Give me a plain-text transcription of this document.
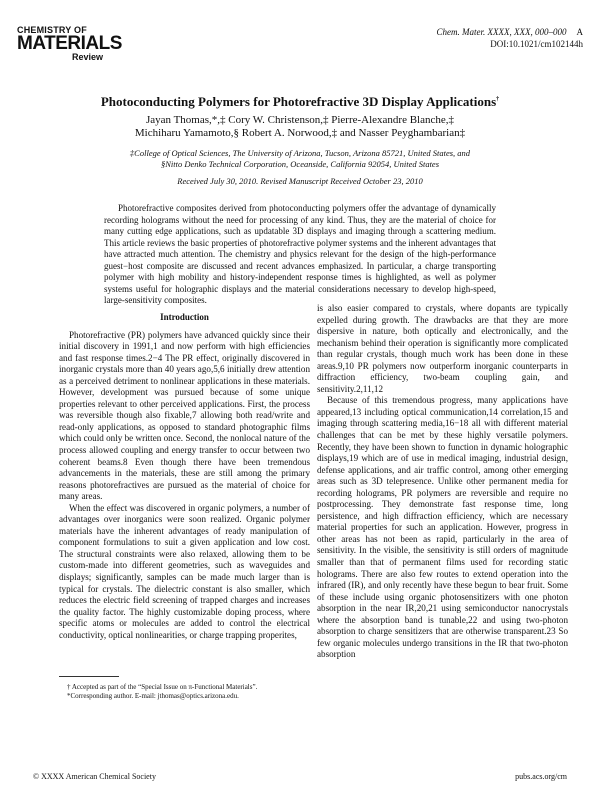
CHEMISTRY OF
MATERIALS
Review
Chem. Mater. XXXX, XXX, 000–000 A
DOI:10.1021/cm102144h
Photoconducting Polymers for Photorefractive 3D Display Applications†
Jayan Thomas,*,‡ Cory W. Christenson,‡ Pierre-Alexandre Blanche,‡
Michiharu Yamamoto,§ Robert A. Norwood,‡ and Nasser Peyghambarian‡
‡College of Optical Sciences, The University of Arizona, Tucson, Arizona 85721, United States, and
§Nitto Denko Technical Corporation, Oceanside, California 92054, United States
Received July 30, 2010. Revised Manuscript Received October 23, 2010
Photorefractive composites derived from photoconducting polymers offer the advantage of dynamically recording holograms without the need for processing of any kind. Thus, they are the material of choice for many cutting edge applications, such as updatable 3D displays and imaging through a scattering medium. This article reviews the basic properties of photorefractive polymer systems and the inherent advantages that have attracted much attention. The chemistry and physics relevant for the design of the high-performance guest−host composite are discussed and recent advances emphasized. In particular, a charge transporting polymer with high mobility and history-independent response times is highlighted, as well as polymer systems useful for holographic displays and the material considerations necessary to develop high-speed, large-sensitivity composites.
Introduction

Photorefractive (PR) polymers have advanced quickly since their initial discovery in 1991,1 and now perform with high efficiencies and fast response times.2−4 The PR effect, originally discovered in inorganic crystals more than 40 years ago,5,6 initially drew attention as a perceived detriment to nonlinear applications in these materials. However, development was pursued because of some unique properties relevant to other perceived applications. First, the process was reversible though also fixable,7 allowing both read/write and read-only applications, as opposed to standard photographic films which could only be written once. Second, the nonlocal nature of the process allowed coupling and energy transfer to occur between two coherent beams.8 Even though there have been tremendous advancements in the materials, these are still among the primary reasons photorefractives are pursued as the material of choice for many areas.

When the effect was discovered in organic polymers, a number of advantages over inorganics were soon realized. Organic polymer materials have the inherent advantages of ready manipulation of component formulations to suit a given application and low cost. The structural constraints were also relaxed, allowing them to be custom-made into different geometries, such as waveguides and displays; significantly, samples can be made much larger than is typical for crystals. The dielectric constant is also smaller, which reduces the electric field screening of trapped charges and increases the quality factor. The highly customizable doping process, where specific atoms or molecules are added to control the electrical conductivity, optical nonlinearities, or charge trapping properites,

is also easier compared to crystals, where dopants are typically expelled during growth. The drawbacks are that they are more dispersive in nature, both optically and electronically, and the mechanism behind their operation is significantly more complicated than regular crystals, though much work has been done in these areas.9,10 PR polymers now outperform inorganic counterparts in diffraction efficiency, two-beam coupling gain, and sensitivity.2,11,12

Because of this tremendous progress, many applications have appeared,13 including optical communication,14 correlation,15 and imaging through scattering media,16−18 all with different material challenges that can be met by these highly versatile polymers. Recently, they have been shown to function in dynamic holographic displays,19 which are of use in medical imaging, industrial design, defense applications, and air traffic control, among other emerging areas such as 3D telepresence. Unlike other permanent media for recording holograms, PR polymers are reversible and require no postprocessing. They demonstrate fast response time, long persistence, and high diffraction efficiency, which are necessary material properties for such an application. However, progress in other areas has not been as rapid, particularly in the area of sensitivity. In the visible, the sensitivity is still orders of magnitude smaller than that of permanent films used for recording static holograms. There are also few routes to extend operation into the infrared (IR), and only recently have these begun to bear fruit. Some of these include using organic photosensitizers with one photon absorption in the near IR,20,21 using semiconductor nanocrystals where the absorption band is tunable,22 and using two-photon absorption to charge sensitizers that are otherwise transparent.23 So few organic molecules undergo transitions in the IR that two-photon absorption

† Accepted as part of the “Special Issue on π-Functional Materials”.
*Corresponding author. E-mail: jthomas@optics.arizona.edu.
© XXXX American Chemical Society	pubs.acs.org/cm
